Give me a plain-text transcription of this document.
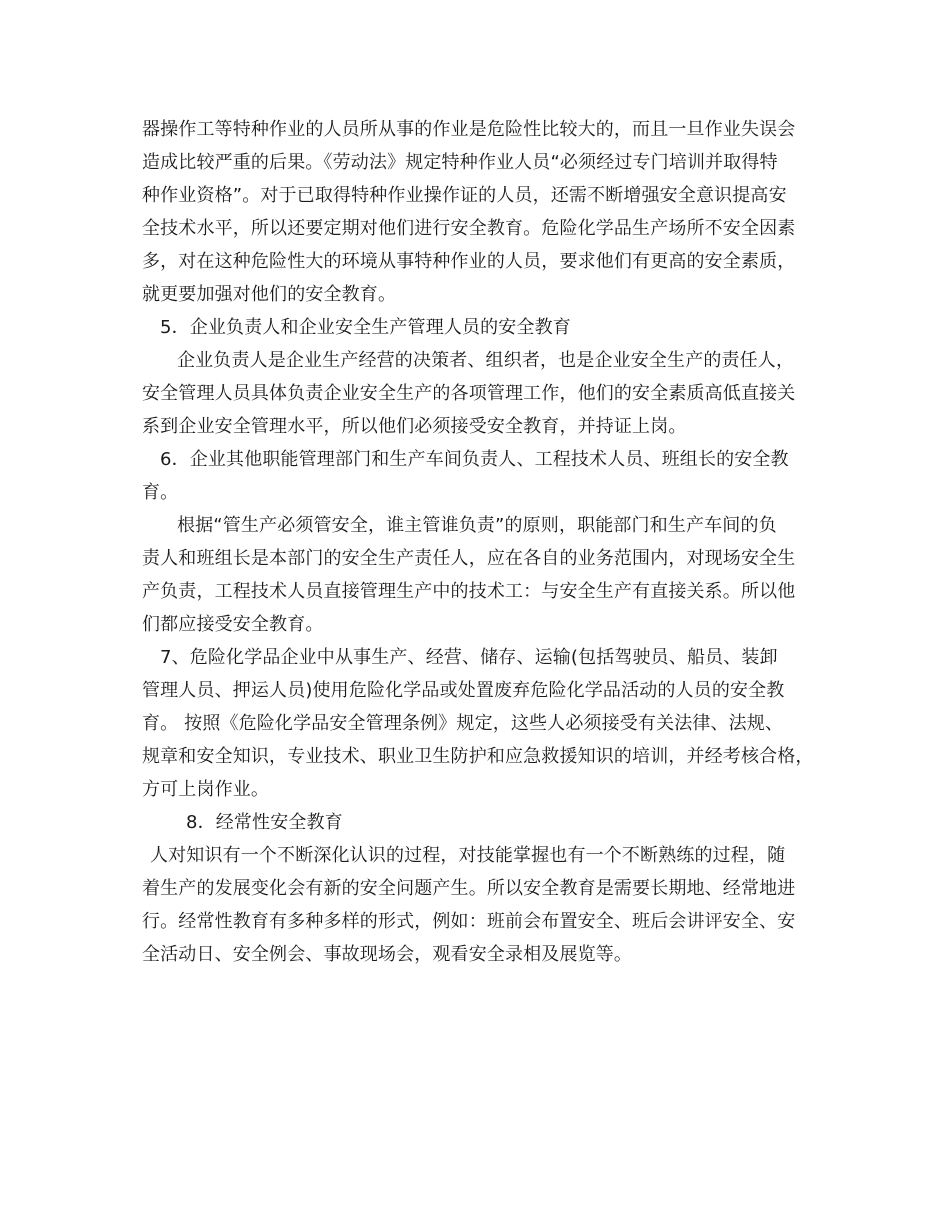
器操作工等特种作业的人员所从事的作业是危险性比较大的，而且一旦作业失误会
造成比较严重的后果。《劳动法》规定特种作业人员“必须经过专门培训并取得特
种作业资格”。对于已取得特种作业操作证的人员，还需不断增强安全意识提高安
全技术水平，所以还要定期对他们进行安全教育。危险化学品生产场所不安全因素
多，对在这种危险性大的环境从事特种作业的人员，要求他们有更高的安全素质，
就更要加强对他们的安全教育。
5．企业负责人和企业安全生产管理人员的安全教育
企业负责人是企业生产经营的决策者、组织者，也是企业安全生产的责任人，
安全管理人员具体负责企业安全生产的各项管理工作，他们的安全素质高低直接关
系到企业安全管理水平，所以他们必须接受安全教育，并持证上岗。
6．企业其他职能管理部门和生产车间负责人、工程技术人员、班组长的安全教
育。
根据“管生产必须管安全，谁主管谁负责”的原则，职能部门和生产车间的负
责人和班组长是本部门的安全生产责任人，应在各自的业务范围内，对现场安全生
产负责，工程技术人员直接管理生产中的技术工：与安全生产有直接关系。所以他
们都应接受安全教育。
7、危险化学品企业中从事生产、经营、储存、运输(包括驾驶员、船员、装卸
管理人员、押运人员)使用危险化学品或处置废弃危险化学品活动的人员的安全教
育。 按照《危险化学品安全管理条例》规定，这些人必须接受有关法律、法规、
规章和安全知识，专业技术、职业卫生防护和应急救援知识的培训，并经考核合格，
方可上岗作业。
8．经常性安全教育
人对知识有一个不断深化认识的过程，对技能掌握也有一个不断熟练的过程，随
着生产的发展变化会有新的安全问题产生。所以安全教育是需要长期地、经常地进
行。经常性教育有多种多样的形式，例如：班前会布置安全、班后会讲评安全、安
全活动日、安全例会、事故现场会，观看安全录相及展览等。
